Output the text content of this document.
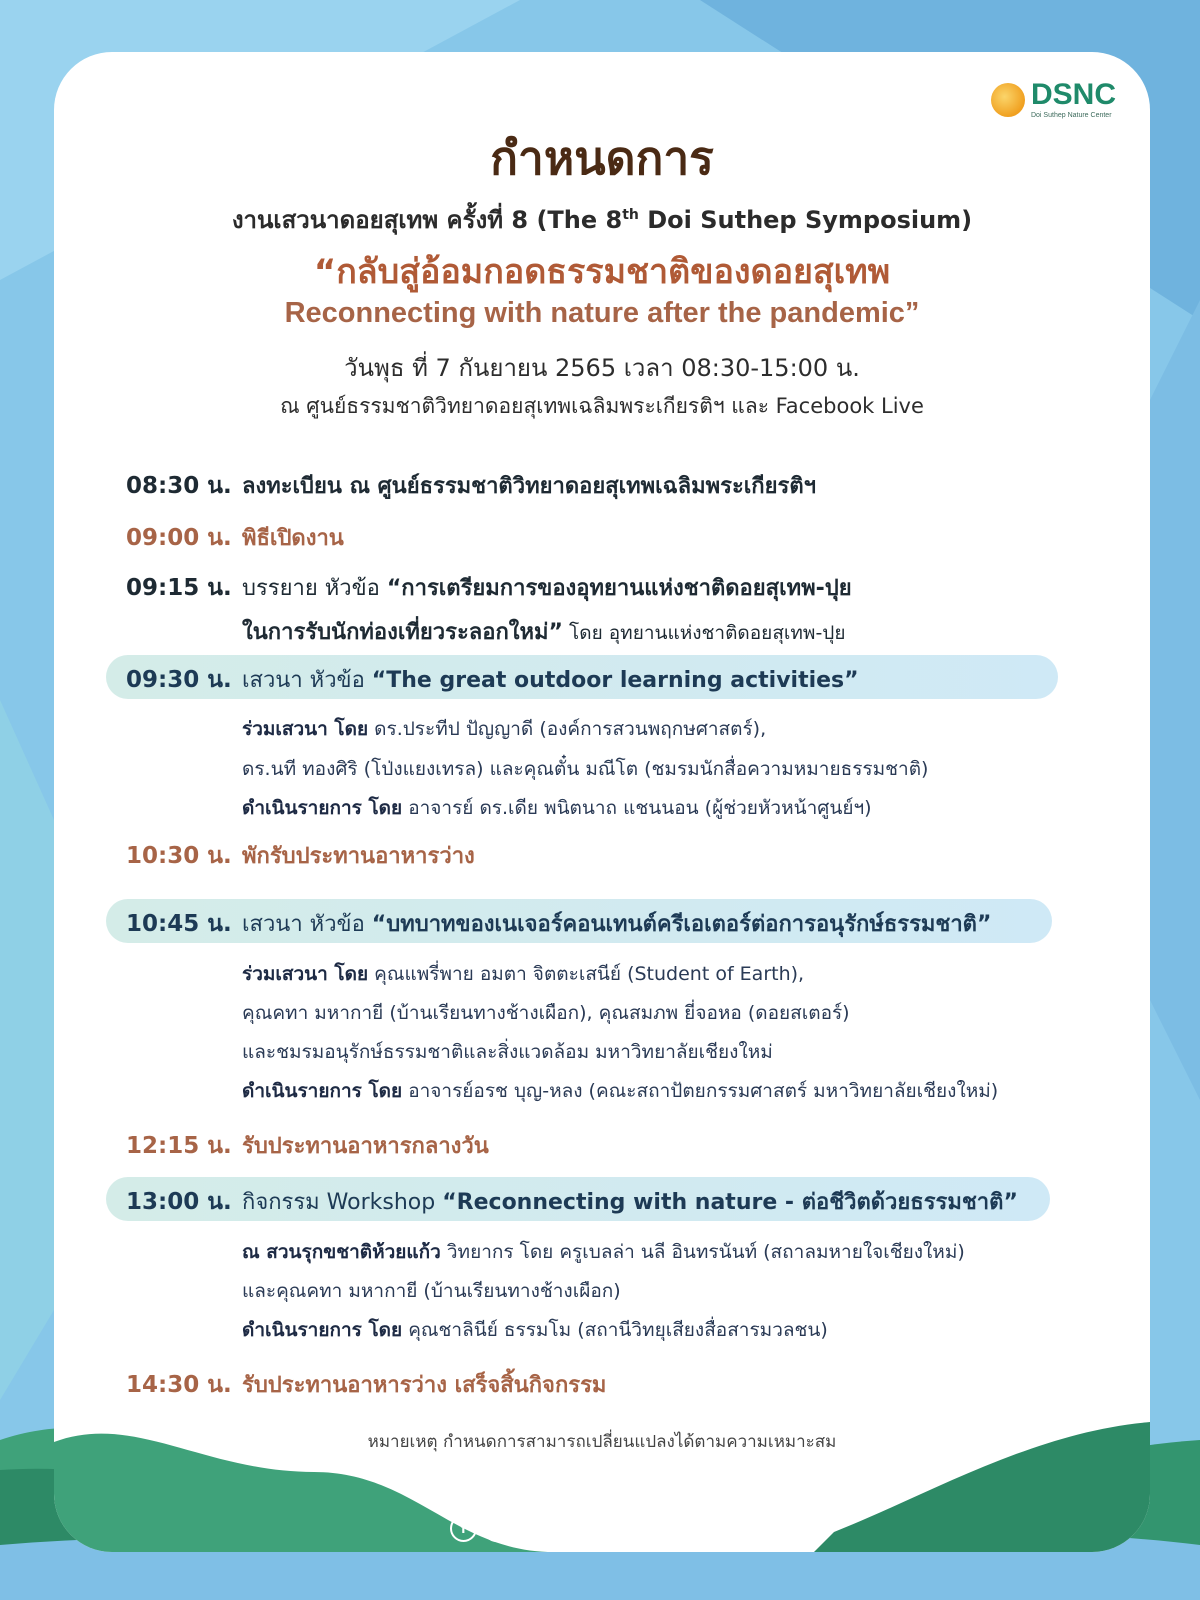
DSNC
Doi Suthep Nature Center
กำหนดการ
งานเสวนาดอยสุเทพ ครั้งที่ 8 (The 8th Doi Suthep Symposium)
“กลับสู่อ้อมกอดธรรมชาติของดอยสุเทพ
Reconnecting with nature after the pandemic”
วันพุธ ที่ 7 กันยายน 2565 เวลา 08:30-15:00 น.
ณ ศูนย์ธรรมชาติวิทยาดอยสุเทพเฉลิมพระเกียรติฯ และ Facebook Live
08:30 น. ลงทะเบียน ณ ศูนย์ธรรมชาติวิทยาดอยสุเทพเฉลิมพระเกียรติฯ
09:00 น. พิธีเปิดงาน
09:15 น. บรรยาย หัวข้อ “การเตรียมการของอุทยานแห่งชาติดอยสุเทพ-ปุย
ในการรับนักท่องเที่ยวระลอกใหม่” โดย อุทยานแห่งชาติดอยสุเทพ-ปุย
09:30 น. เสวนา หัวข้อ “The great outdoor learning activities”
ร่วมเสวนา โดย ดร.ประทีป ปัญญาดี (องค์การสวนพฤกษศาสตร์),
ดร.นที ทองศิริ (โป่งแยงเทรล) และคุณตั๋น มณีโต (ชมรมนักสื่อความหมายธรรมชาติ)
ดำเนินรายการ โดย อาจารย์ ดร.เดีย พนิตนาถ แชนนอน (ผู้ช่วยหัวหน้าศูนย์ฯ)
10:30 น. พักรับประทานอาหารว่าง
10:45 น. เสวนา หัวข้อ “บทบาทของเนเจอร์คอนเทนต์ครีเอเตอร์ต่อการอนุรักษ์ธรรมชาติ”
ร่วมเสวนา โดย คุณแพรี่พาย อมตา จิตตะเสนีย์ (Student of Earth),
คุณคทา มหากายี (บ้านเรียนทางช้างเผือก), คุณสมภพ ยี่จอหอ (ดอยสเตอร์)
และชมรมอนุรักษ์ธรรมชาติและสิ่งแวดล้อม มหาวิทยาลัยเชียงใหม่
ดำเนินรายการ โดย อาจารย์อรช บุญ-หลง (คณะสถาปัตยกรรมศาสตร์ มหาวิทยาลัยเชียงใหม่)
12:15 น. รับประทานอาหารกลางวัน
13:00 น. กิจกรรม Workshop “Reconnecting with nature - ต่อชีวิตด้วยธรรมชาติ”
ณ สวนรุกขชาติห้วยแก้ว วิทยากร โดย ครูเบลล่า นลี อินทรนันท์ (สถาลมหายใจเชียงใหม่)
และคุณคทา มหากายี (บ้านเรียนทางช้างเผือก)
ดำเนินรายการ โดย คุณชาลินีย์ ธรรมโม (สถานีวิทยุเสียงสื่อสารมวลชน)
14:30 น. รับประทานอาหารว่าง เสร็จสิ้นกิจกรรม
หมายเหตุ กำหนดการสามารถเปลี่ยนแปลงได้ตามความเหมาะสม
f	DSNC_SciCMU
